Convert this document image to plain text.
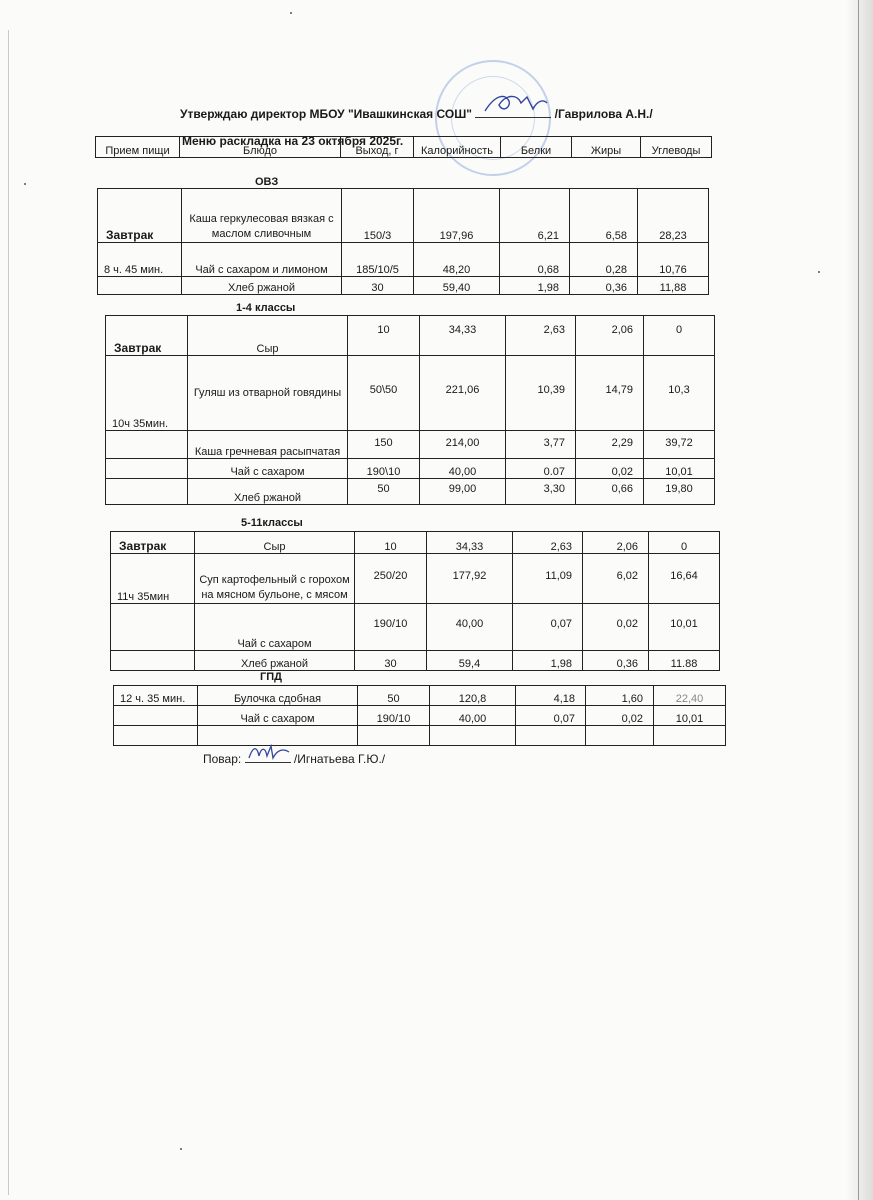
Утверждаю директор МБОУ "Ивашкинская СОШ"	/Гаврилова А.Н./
Меню раскладка на 23 октября 2025г.
Прием пищи	Блюдо	Выход, г	Калорийность	Белки	Жиры	Углеводы
ОВЗ
Завтрак	Каша геркулесовая вязкая с маслом сливочным	150/3	197,96	6,21	6,58	28,23
8 ч. 45 мин.	Чай с сахаром и лимоном	185/10/5	48,20	0,68	0,28	10,76
	Хлеб ржаной	30	59,40	1,98	0,36	11,88
1-4 классы
Завтрак	Сыр	10	34,33	2,63	2,06	0
10ч 35мин.	Гуляш из отварной говядины	50\50	221,06	10,39	14,79	10,3
	Каша гречневая расыпчатая	150	214,00	3,77	2,29	39,72
	Чай с сахаром	190\10	40,00	0.07	0,02	10,01
	Хлеб ржаной	50	99,00	3,30	0,66	19,80
5-11классы
Завтрак	Сыр	10	34,33	2,63	2,06	0
11ч 35мин	Суп картофельный с горохом на мясном бульоне, с мясом	250/20	177,92	11,09	6,02	16,64
	Чай с сахаром	190/10	40,00	0,07	0,02	10,01
	Хлеб ржаной	30	59,4	1,98	0,36	11.88
ГПД
12 ч. 35 мин.	Булочка сдобная	50	120,8	4,18	1,60	22,40
	Чай с сахаром	190/10	40,00	0,07	0,02	10,01

Повар:	/Игнатьева Г.Ю./
